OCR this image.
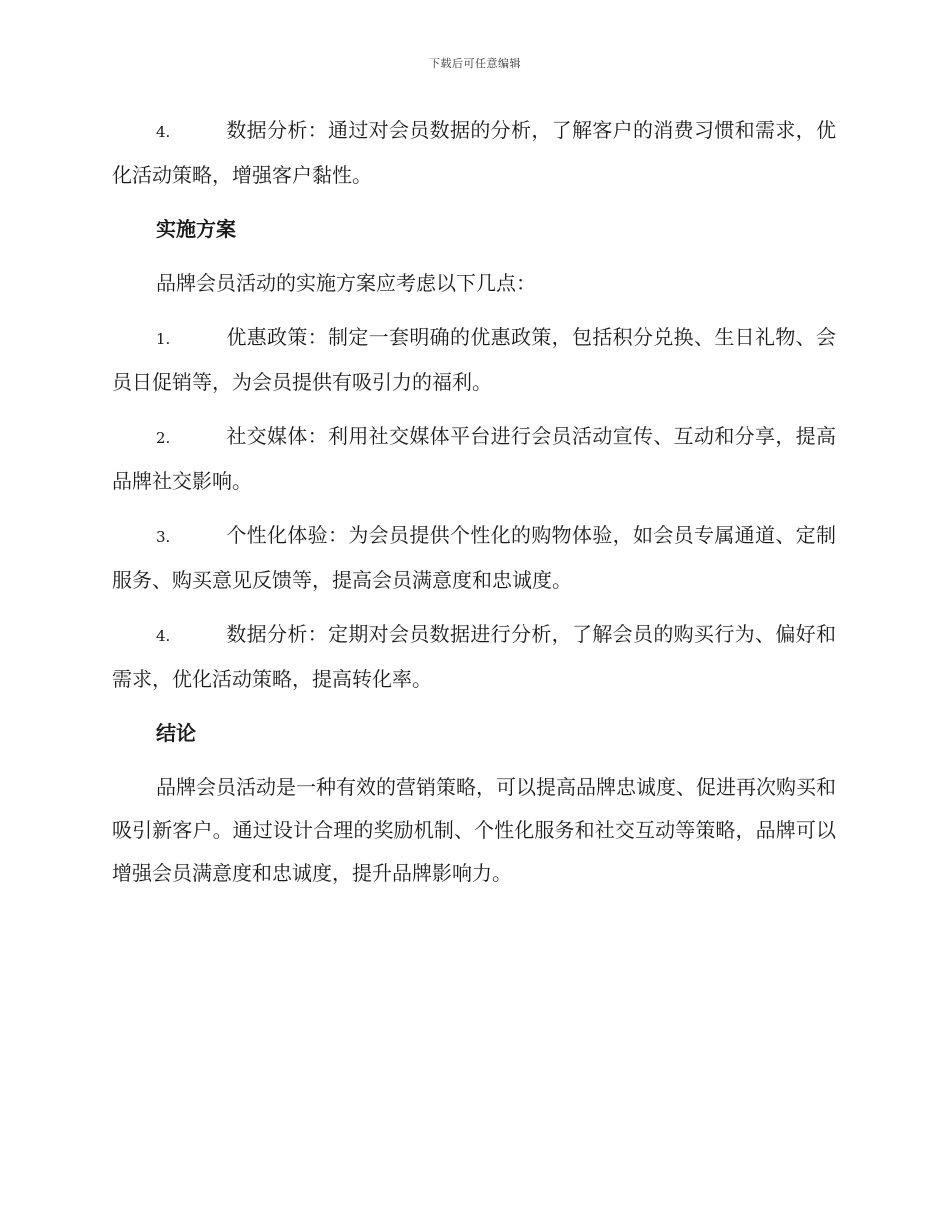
下载后可任意编辑

4.	数据分析：通过对会员数据的分析，了解客户的消费习惯和需求，优化活动策略，增强客户黏性。

实施方案

品牌会员活动的实施方案应考虑以下几点：

1.	优惠政策：制定一套明确的优惠政策，包括积分兑换、生日礼物、会员日促销等，为会员提供有吸引力的福利。

2.	社交媒体：利用社交媒体平台进行会员活动宣传、互动和分享，提高品牌社交影响。

3.	个性化体验：为会员提供个性化的购物体验，如会员专属通道、定制服务、购买意见反馈等，提高会员满意度和忠诚度。

4.	数据分析：定期对会员数据进行分析，了解会员的购买行为、偏好和需求，优化活动策略，提高转化率。

结论

品牌会员活动是一种有效的营销策略，可以提高品牌忠诚度、促进再次购买和吸引新客户。通过设计合理的奖励机制、个性化服务和社交互动等策略，品牌可以增强会员满意度和忠诚度，提升品牌影响力。
